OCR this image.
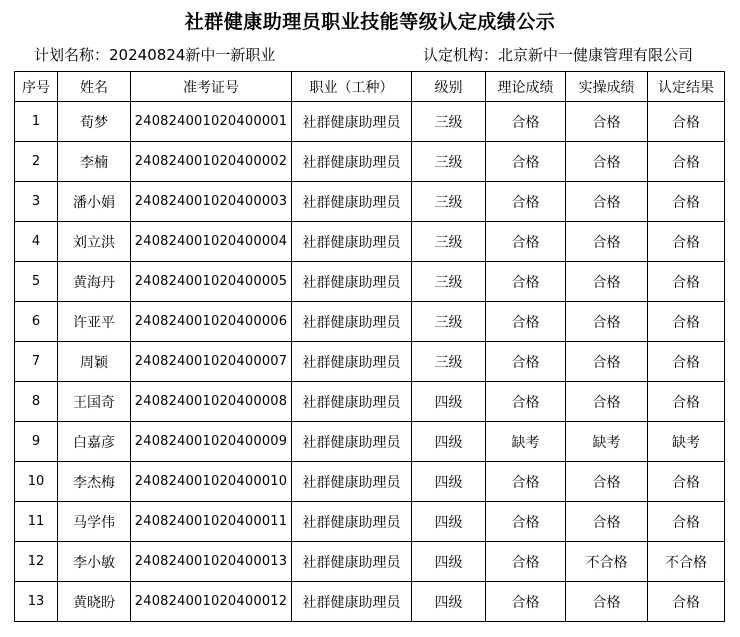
社群健康助理员职业技能等级认定成绩公示
计划名称：20240824新中一新职业	认定机构：北京新中一健康管理有限公司
序号	姓名	准考证号	职业（工种）	级别	理论成绩	实操成绩	认定结果
1	荀梦	240824001020400001	社群健康助理员	三级	合格	合格	合格
2	李楠	240824001020400002	社群健康助理员	三级	合格	合格	合格
3	潘小娟	240824001020400003	社群健康助理员	三级	合格	合格	合格
4	刘立洪	240824001020400004	社群健康助理员	三级	合格	合格	合格
5	黄海丹	240824001020400005	社群健康助理员	三级	合格	合格	合格
6	许亚平	240824001020400006	社群健康助理员	三级	合格	合格	合格
7	周颖	240824001020400007	社群健康助理员	三级	合格	合格	合格
8	王国奇	240824001020400008	社群健康助理员	四级	合格	合格	合格
9	白嘉彦	240824001020400009	社群健康助理员	四级	缺考	缺考	缺考
10	李杰梅	240824001020400010	社群健康助理员	四级	合格	合格	合格
11	马学伟	240824001020400011	社群健康助理员	四级	合格	合格	合格
12	李小敏	240824001020400013	社群健康助理员	四级	合格	不合格	不合格
13	黄晓盼	240824001020400012	社群健康助理员	四级	合格	合格	合格
